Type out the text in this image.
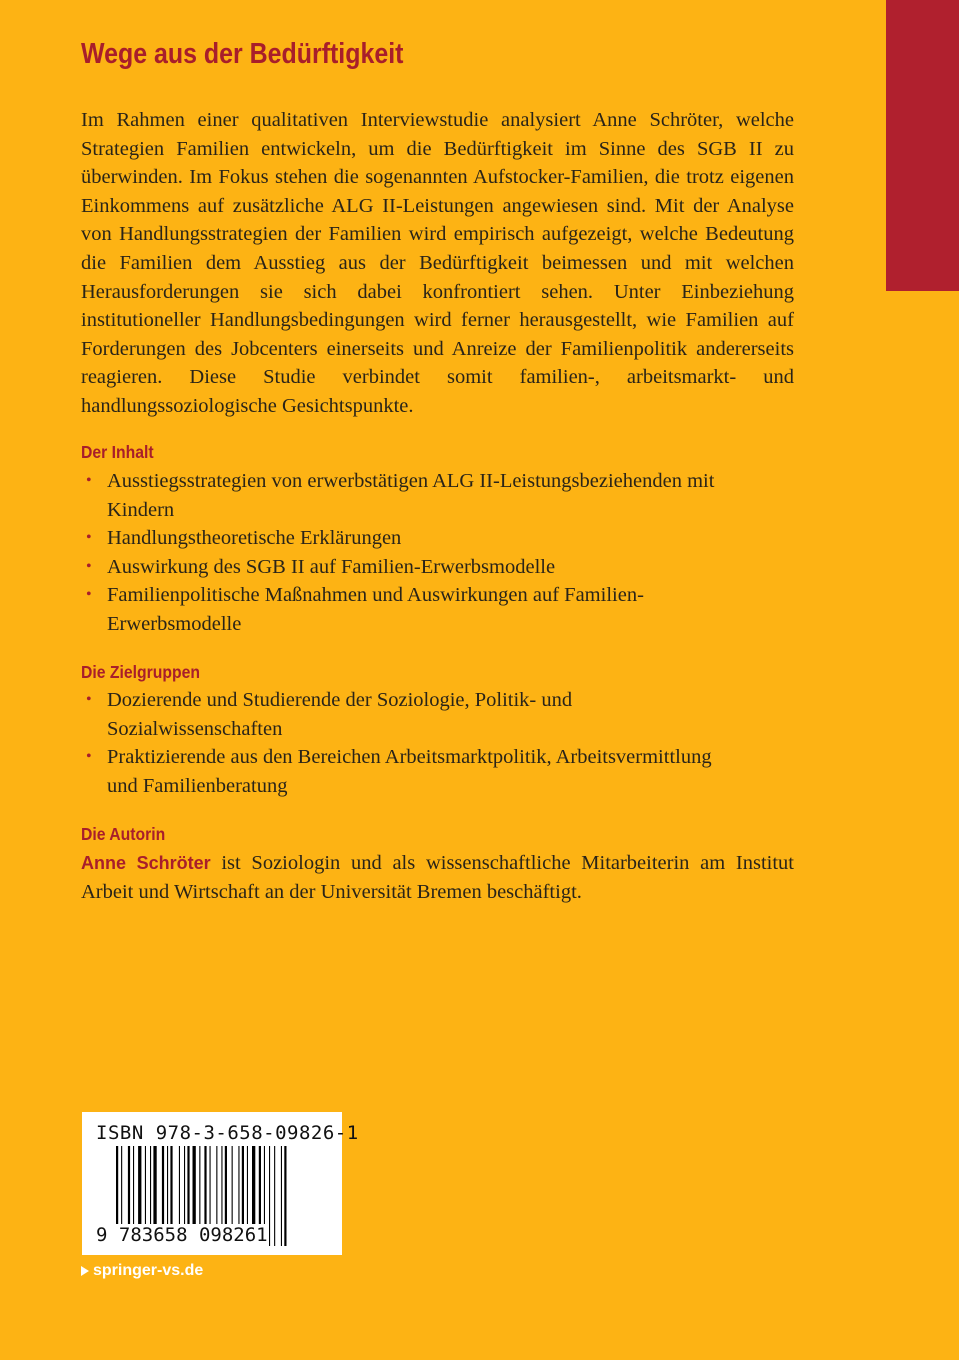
Wege aus der Bedürftigkeit

Im Rahmen einer qualitativen Interviewstudie analysiert Anne Schröter, welche Strategien Familien entwickeln, um die Bedürftigkeit im Sinne des SGB II zu überwinden. Im Fokus stehen die sogenannten Aufstocker-Familien, die trotz eigenen Einkommens auf zusätzliche ALG II-Leistungen angewiesen sind. Mit der Analyse von Handlungsstrategien der Familien wird empirisch aufgezeigt, welche Bedeutung die Familien dem Ausstieg aus der Bedürftigkeit beimessen und mit welchen Herausforderungen sie sich dabei konfrontiert sehen. Unter Einbeziehung institutioneller Handlungsbedingungen wird ferner herausgestellt, wie Familien auf Forderungen des Jobcenters einerseits und Anreize der Familienpolitik andererseits reagieren. Diese Studie verbindet somit familien-, arbeitsmarkt- und handlungssoziologische Gesichtspunkte.

Der Inhalt
• Ausstiegsstrategien von erwerbstätigen ALG II-Leistungsbeziehenden mit Kindern
• Handlungstheoretische Erklärungen
• Auswirkung des SGB II auf Familien-Erwerbsmodelle
• Familienpolitische Maßnahmen und Auswirkungen auf Familien-Erwerbsmodelle
Die Zielgruppen
• Dozierende und Studierende der Soziologie, Politik- und Sozialwissenschaften
• Praktizierende aus den Bereichen Arbeitsmarktpolitik, Arbeitsvermittlung und Familienberatung
Die Autorin
Anne Schröter ist Soziologin und als wissenschaftliche Mitarbeiterin am Institut Arbeit und Wirtschaft an der Universität Bremen beschäftigt.
ISBN 978-3-658-09826-1
9 783658 098261
springer-vs.de
